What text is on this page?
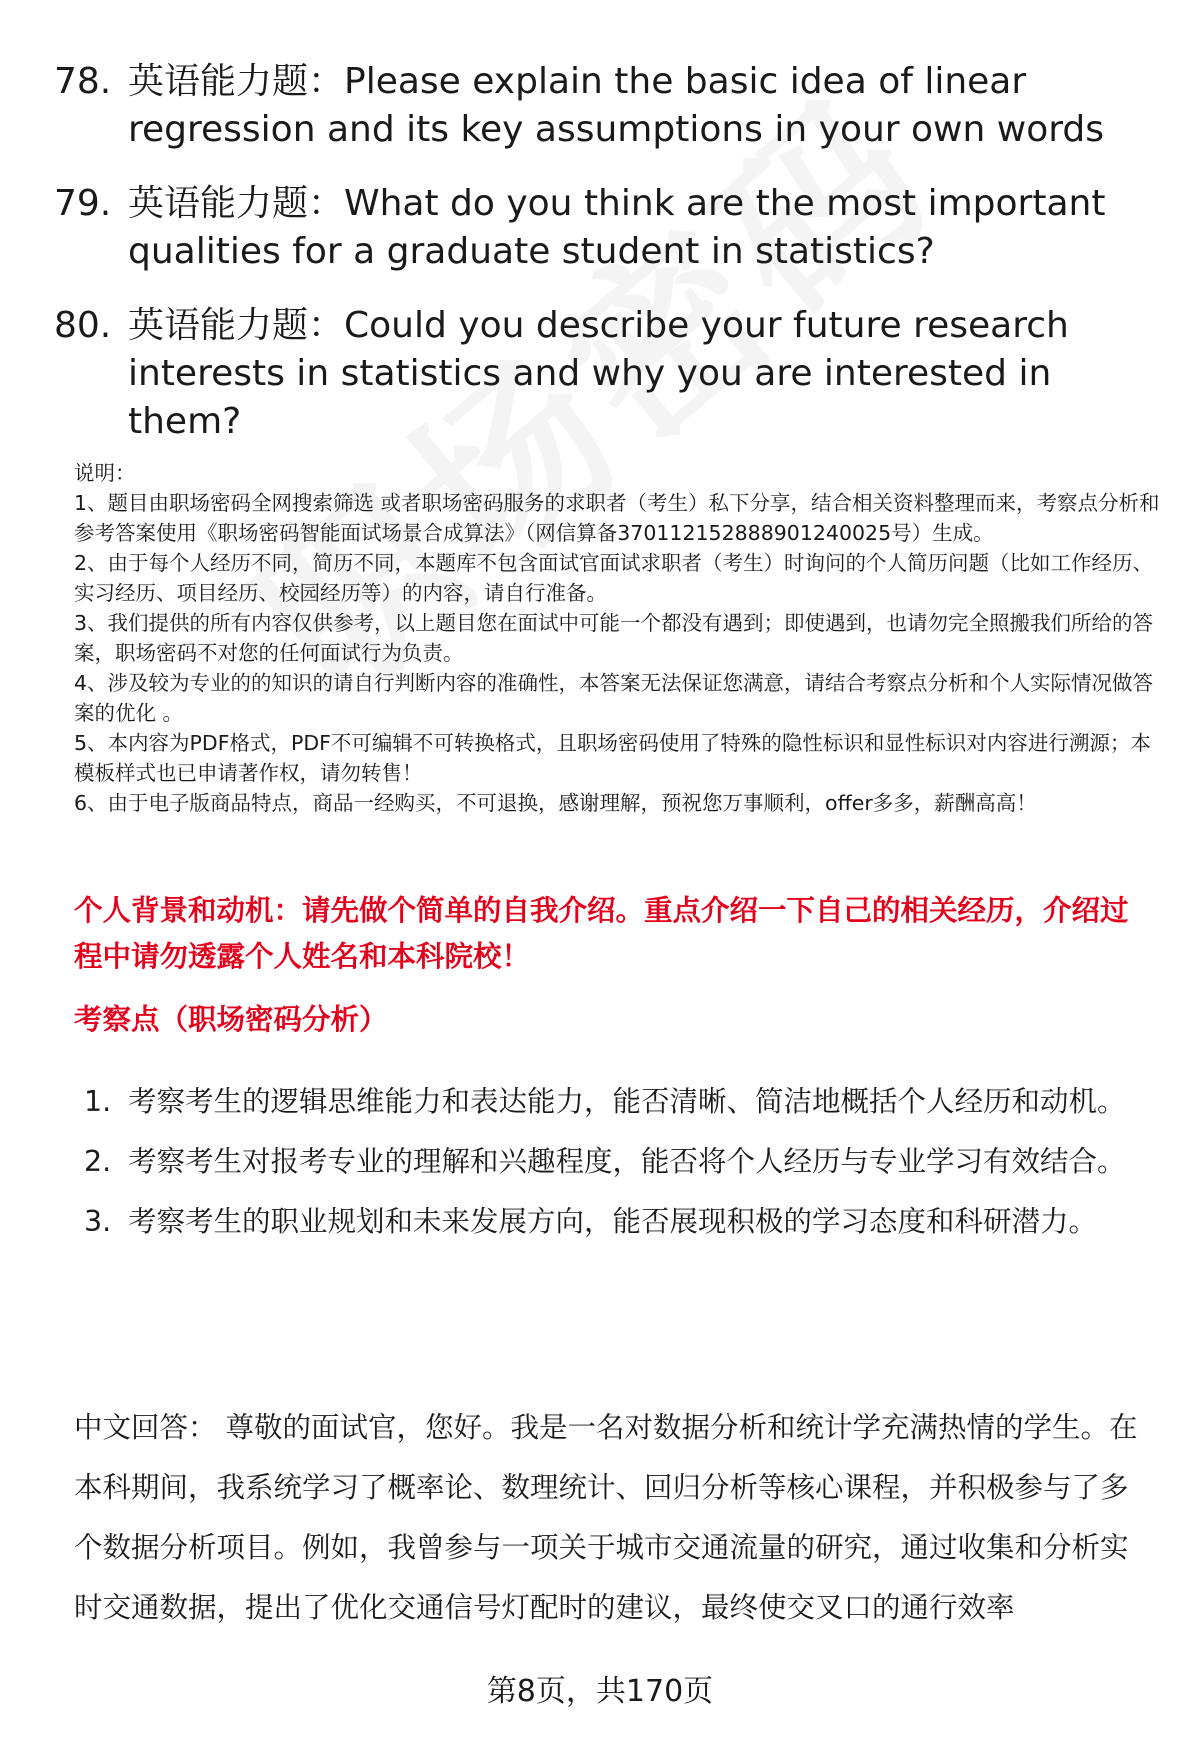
78. 英语能力题：Please explain the basic idea of linear regression and its key assumptions in your own words
79. 英语能力题：What do you think are the most important qualities for a graduate student in statistics?
80. 英语能力题：Could you describe your future research interests in statistics and why you are interested in them?
说明：
1、题目由职场密码全网搜索筛选 或者职场密码服务的求职者（考生）私下分享，结合相关资料整理而来，考察点分析和参考答案使用《职场密码智能面试场景合成算法》（网信算备370112152888901240025号）生成。
2、由于每个人经历不同，简历不同，本题库不包含面试官面试求职者（考生）时询问的个人简历问题（比如工作经历、实习经历、项目经历、校园经历等）的内容，请自行准备。
3、我们提供的所有内容仅供参考，以上题目您在面试中可能一个都没有遇到；即使遇到，也请勿完全照搬我们所给的答案，职场密码不对您的任何面试行为负责。
4、涉及较为专业的的知识的请自行判断内容的准确性，本答案无法保证您满意，请结合考察点分析和个人实际情况做答案的优化 。
5、本内容为PDF格式，PDF不可编辑不可转换格式，且职场密码使用了特殊的隐性标识和显性标识对内容进行溯源；本模板样式也已申请著作权，请勿转售！
6、由于电子版商品特点，商品一经购买，不可退换，感谢理解，预祝您万事顺利，offer多多，薪酬高高！
个人背景和动机：请先做个简单的自我介绍。重点介绍一下自己的相关经历，介绍过程中请勿透露个人姓名和本科院校！
考察点（职场密码分析）
1. 考察考生的逻辑思维能力和表达能力，能否清晰、简洁地概括个人经历和动机。
2. 考察考生对报考专业的理解和兴趣程度，能否将个人经历与专业学习有效结合。
3. 考察考生的职业规划和未来发展方向，能否展现积极的学习态度和科研潜力。
中文回答： 尊敬的面试官，您好。我是一名对数据分析和统计学充满热情的学生。在本科期间，我系统学习了概率论、数理统计、回归分析等核心课程，并积极参与了多个数据分析项目。例如，我曾参与一项关于城市交通流量的研究，通过收集和分析实时交通数据，提出了优化交通信号灯配时的建议，最终使交叉口的通行效率
第8页，共170页
